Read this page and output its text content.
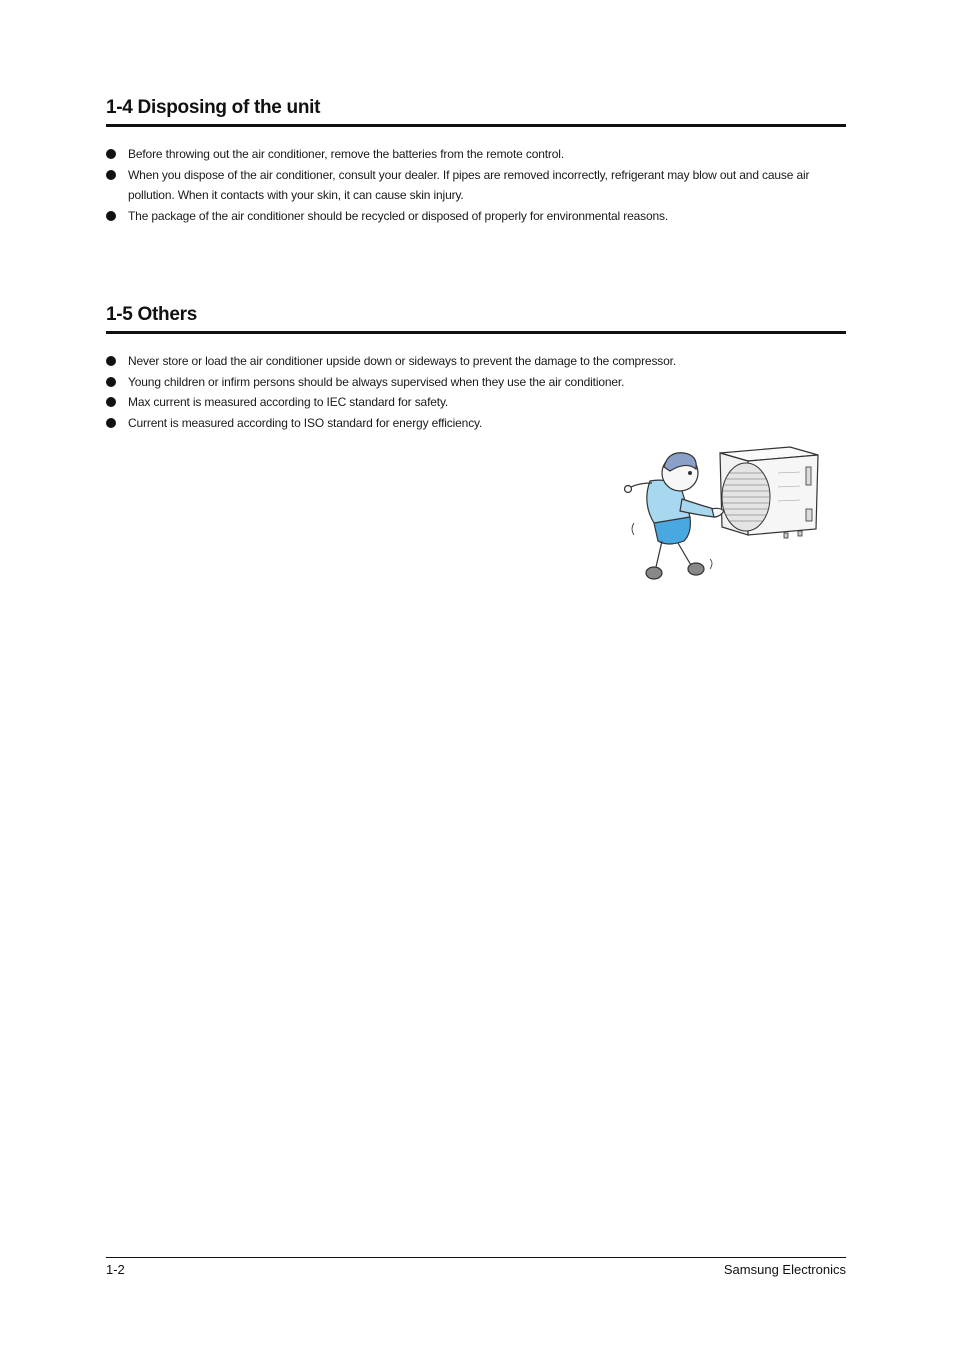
1-4 Disposing of the unit
Before throwing out the air conditioner, remove the batteries from the remote control.
When you dispose of the air conditioner, consult your dealer. If pipes are removed incorrectly, refrigerant may blow out and cause air pollution. When it contacts with your skin, it can cause skin injury.
The package of the air conditioner should be recycled or disposed of properly for environmental reasons.
1-5 Others
Never store or load the air conditioner upside down or sideways to prevent the damage to the compressor.
Young children or infirm persons should be always supervised when they use the air conditioner.
Max current is measured according to IEC standard for safety.
Current is measured according to ISO standard for energy efficiency.
1-2	Samsung Electronics
